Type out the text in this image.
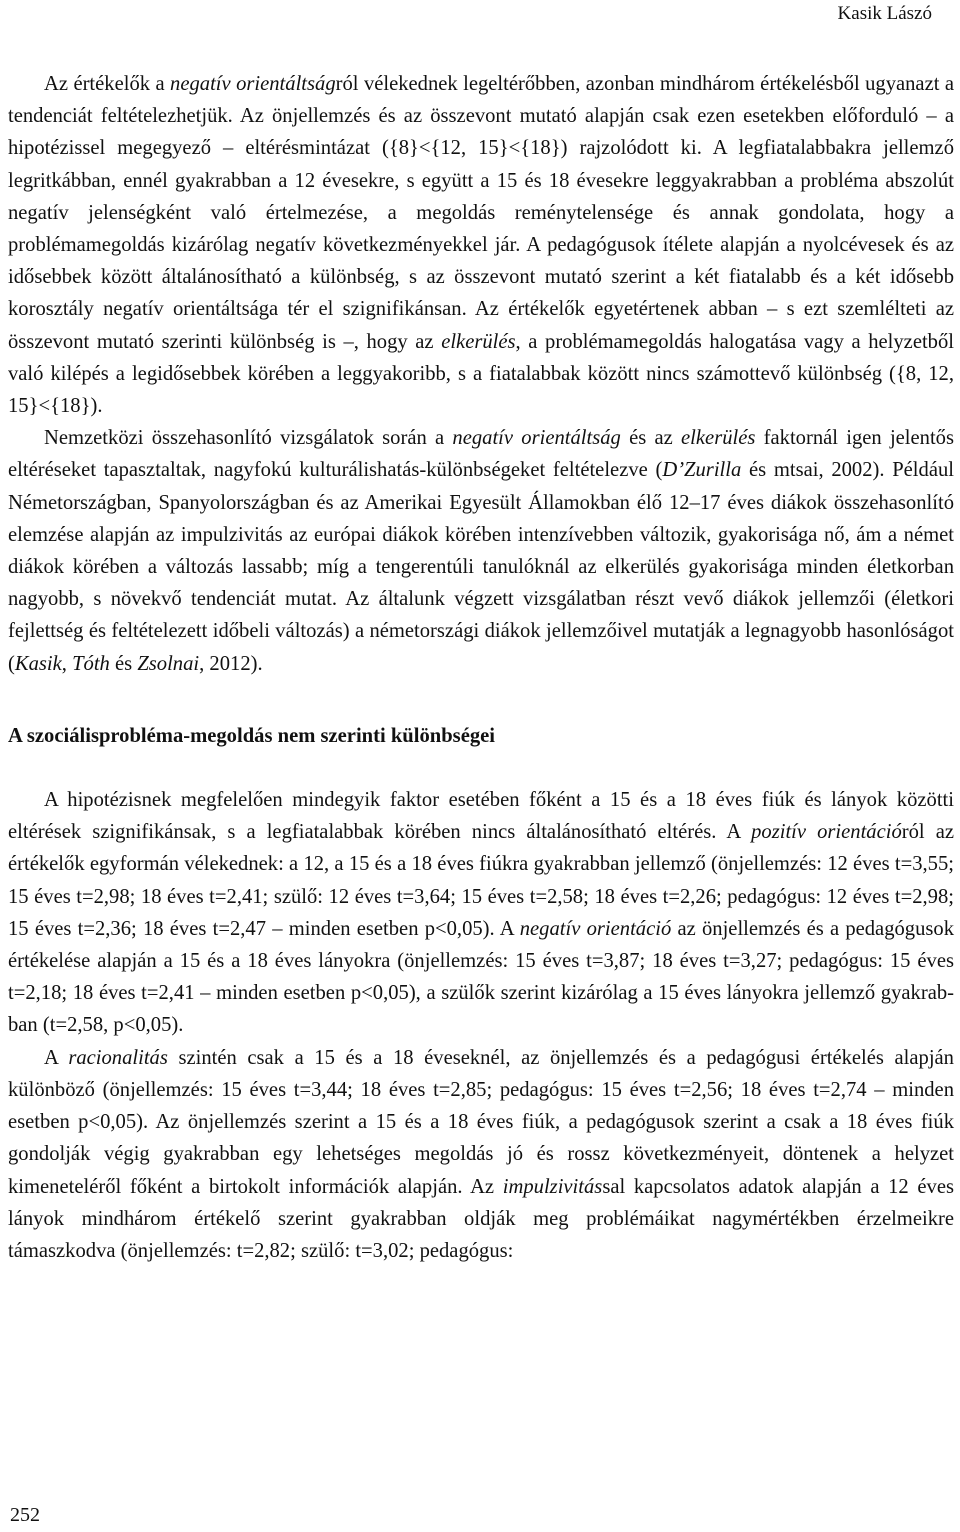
Kasik Lászó

Az értékelők a negatív orientáltságról vélekednek legeltérőbben, azonban mindhárom értékelésből ugyanazt a tendenciát feltételezhetjük. Az önjellemzés és az összevont mutató alapján csak ezen esetekben előforduló – a hipotézissel megegyező – eltérésmintázat ({8}<{12, 15}<{18}) rajzolódott ki. A legfiatalabbakra jellemző legritkábban, ennél gyakrabban a 12 évesekre, s együtt a 15 és 18 évesekre leggyakrabban a probléma abszolút negatív jelenségként való értelmezése, a megoldás reménytelensége és annak gondolata, hogy a problémamegoldás kizárólag negatív következményekkel jár. A pedagógusok ítélete alapján a nyolcévesek és az idősebbek között általánosítható a különbség, s az összevont mutató szerint a két fiatalabb és a két idősebb korosztály negatív orientáltsága tér el szignifikánsan. Az értékelők egyetértenek abban – s ezt szemlélteti az összevont mutató szerinti különbség is –, hogy az elkerülés, a problémamegoldás halogatása vagy a helyzetből való kilépés a legidősebbek körében a leggyakoribb, s a fiatalabbak között nincs számottevő különbség ({8, 12, 15}<{18}).

Nemzetközi összehasonlító vizsgálatok során a negatív orientáltság és az elkerülés faktornál igen jelentős eltéréseket tapasztaltak, nagyfokú kulturálishatás-különbségeket feltételezve (D’Zurilla és mtsai, 2002). Például Németországban, Spanyolországban és az Amerikai Egyesült Államokban élő 12–17 éves diákok összehasonlító elemzése alapján az impulzivitás az európai diákok körében intenzívebben változik, gyakorisága nő, ám a német diákok körében a változás lassabb; míg a tengerentúli tanulóknál az elkerülés gyakorisága minden életkorban nagyobb, s növekvő tendenciát mutat. Az általunk végzett vizsgálatban részt vevő diákok jellemzői (életkori fejlettség és feltételezett időbeli változás) a németországi diákok jellemzőivel mutatják a legnagyobb hasonlóságot (Kasik, Tóth és Zsolnai, 2012).

A szociálisprobléma-megoldás nem szerinti különbségei

A hipotézisnek megfelelően mindegyik faktor esetében főként a 15 és a 18 éves fiúk és lányok közötti eltérések szignifikánsak, s a legfiatalabbak körében nincs általánosítható eltérés. A pozitív orientációról az értékelők egyformán vélekednek: a 12, a 15 és a 18 éves fiúkra gyakrabban jellemző (önjellemzés: 12 éves t=3,55; 15 éves t=2,98; 18 éves t=2,41; szülő: 12 éves t=3,64; 15 éves t=2,58; 18 éves t=2,26; pedagógus: 12 éves t=2,98; 15 éves t=2,36; 18 éves t=2,47 – minden esetben p<0,05). A negatív orientáció az önjellemzés és a pedagógusok értékelése alapján a 15 és a 18 éves lányokra (önjellemzés: 15 éves t=3,87; 18 éves t=3,27; pedagógus: 15 éves t=2,18; 18 éves t=2,41 – minden esetben p<0,05), a szülők szerint kizárólag a 15 éves lányokra jellemző gyakrabban (t=2,58, p<0,05).

A racionalitás szintén csak a 15 és a 18 éveseknél, az önjellemzés és a pedagógusi értékelés alapján különböző (önjellemzés: 15 éves t=3,44; 18 éves t=2,85; pedagógus: 15 éves t=2,56; 18 éves t=2,74 – minden esetben p<0,05). Az önjellemzés szerint a 15 és a 18 éves fiúk, a pedagógusok szerint a csak a 18 éves fiúk gondolják végig gyakrabban egy lehetséges megoldás jó és rossz következményeit, döntenek a helyzet kimeneteléről főként a birtokolt információk alapján. Az impulzivitással kapcsolatos adatok alapján a 12 éves lányok mindhárom értékelő szerint gyakrabban oldják meg problémáikat nagymértékben érzelmeikre támaszkodva (önjellemzés: t=2,82; szülő: t=3,02; pedagógus:

252
